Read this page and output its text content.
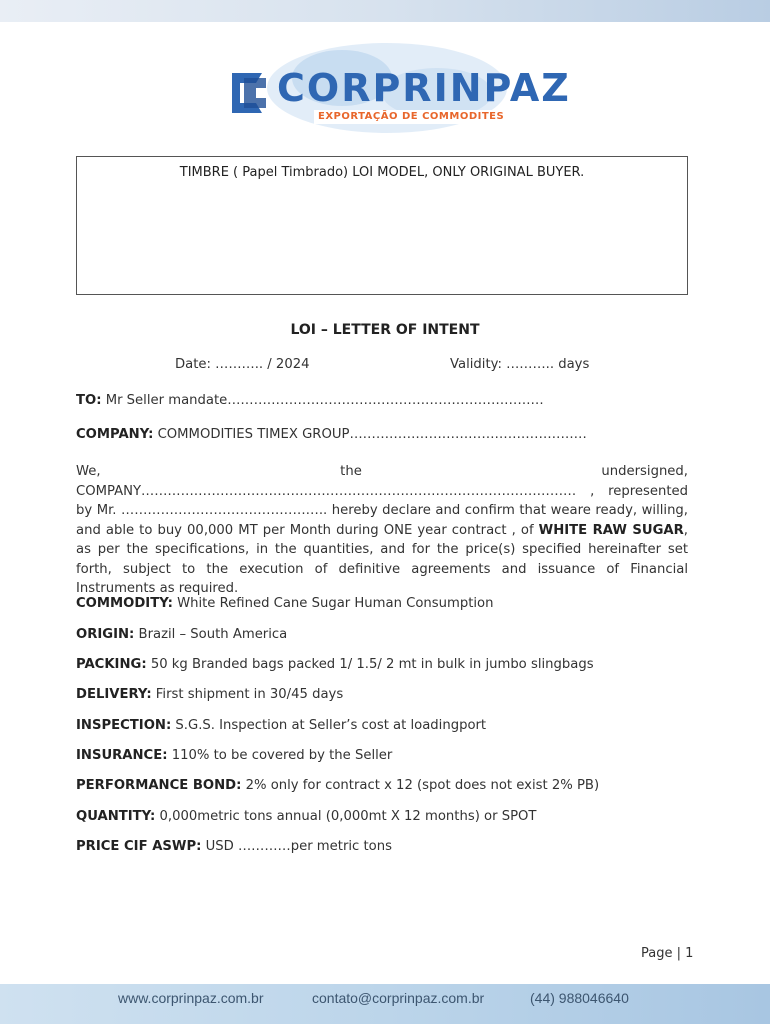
CORPRINPAZ
EXPORTAÇÃO DE COMMODITES
TIMBRE ( Papel Timbrado) LOI MODEL, ONLY ORIGINAL BUYER.
LOI – LETTER OF INTENT
Date: ……….. / 2024	Validity: ……….. days
TO: Mr Seller mandate………………………………………………………………
COMPANY: COMMODITIES TIMEX GROUP………………………………………………
We, the undersigned, COMPANY……………………………………………………………………………………… , represented by Mr. ……………………………………….. hereby declare and confirm that weare ready, willing, and able to buy 00,000 MT per Month during ONE year contract , of WHITE RAW SUGAR, as per the specifications, in the quantities, and for the price(s) specified hereinafter set forth, subject to the execution of definitive agreements and issuance of Financial Instruments as required.
COMMODITY: White Refined Cane Sugar Human Consumption
ORIGIN: Brazil – South America
PACKING: 50 kg Branded bags packed 1/ 1.5/ 2 mt in bulk in jumbo slingbags
DELIVERY: First shipment in 30/45 days
INSPECTION: S.G.S. Inspection at Seller’s cost at loadingport
INSURANCE: 110% to be covered by the Seller
PERFORMANCE BOND: 2% only for contract x 12 (spot does not exist 2% PB)
QUANTITY: 0,000metric tons annual (0,000mt X 12 months) or SPOT
PRICE CIF ASWP: USD …………per metric tons
Page | 1
www.corprinpaz.com.br	contato@corprinpaz.com.br	(44) 988046640
